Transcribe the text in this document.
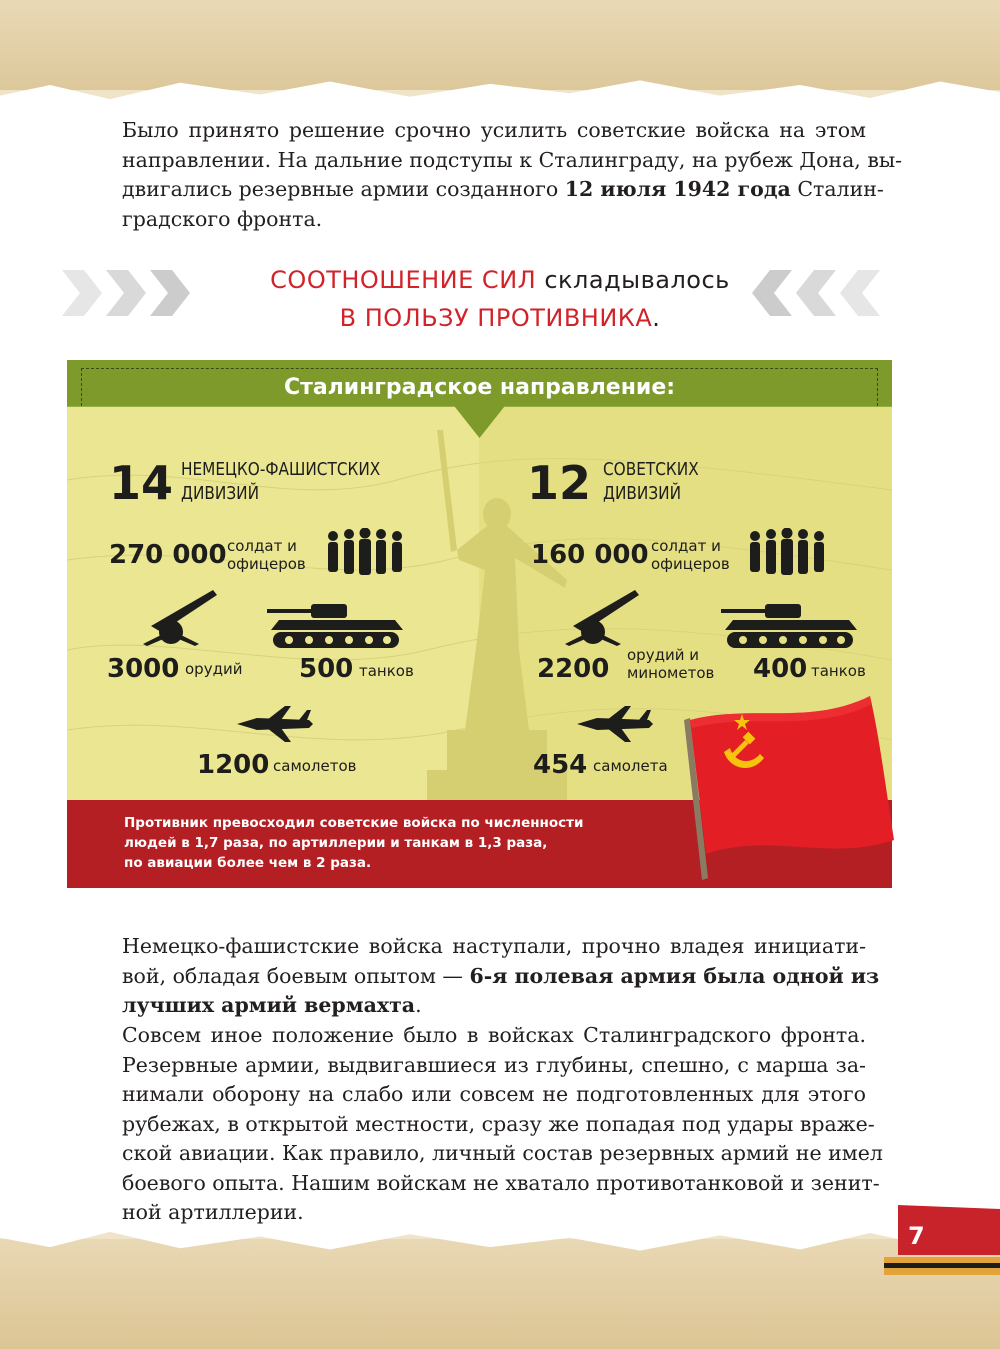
Было принято решение срочно усилить советские войска на этом
направлении. На дальние подступы к Сталинграду, на рубеж Дона, вы-
двигались резервные армии созданного 12 июля 1942 года Сталин-
градского фронта.
СООТНОШЕНИЕ СИЛ складывалось
В ПОЛЬЗУ ПРОТИВНИКА.
Сталинградское направление:
14 НЕМЕЦКО-ФАШИСТСКИХ
ДИВИЗИЙ
270 000 солдат и
офицеров
3000 орудий 500 танков
1200 самолетов
12 СОВЕТСКИХ
ДИВИЗИЙ
160 000 солдат и
офицеров
2200 орудий и
минометов 400 танков
454 самолета
Противник превосходил советские войска по численности
людей в 1,7 раза, по артиллерии и танкам в 1,3 раза,
по авиации более чем в 2 раза.
Немецко-фашистские войска наступали, прочно владея инициати-
вой, обладая боевым опытом — 6-я полевая армия была одной из
лучших армий вермахта.
Совсем иное положение было в войсках Сталинградского фронта.
Резервные армии, выдвигавшиеся из глубины, спешно, с марша за-
нимали оборону на слабо или совсем не подготовленных для этого
рубежах, в открытой местности, сразу же попадая под удары враже-
ской авиации. Как правило, личный состав резервных армий не имел
боевого опыта. Нашим войскам не хватало противотанковой и зенит-
ной артиллерии.
7
